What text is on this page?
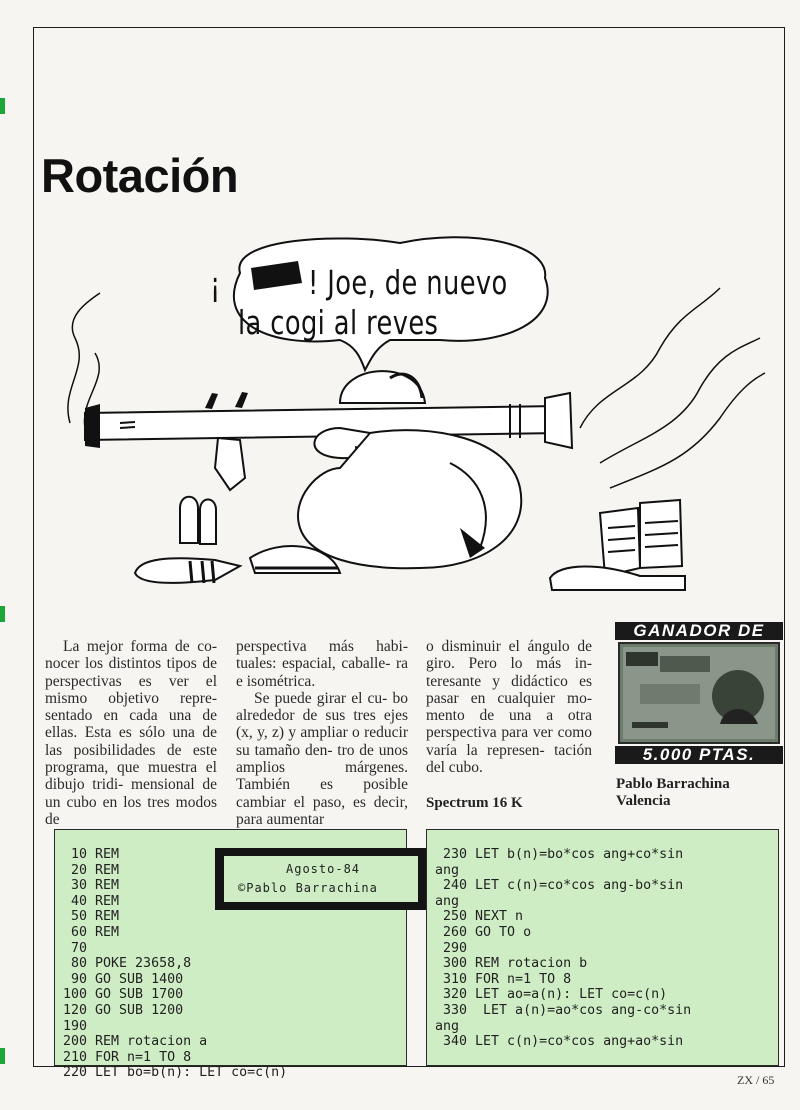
Rotación
¡	! Joe, de nuevo
la cogi al reves

La mejor forma de co- nocer los distintos tipos de perspectivas es ver el mismo objetivo repre- sentado en cada una de ellas. Esta es sólo una de las posibilidades de este programa, que muestra el dibujo tridi- mensional de un cubo en los tres modos de

perspectiva más habi- tuales: espacial, caballe- ra e isométrica.

Se puede girar el cu- bo alrededor de sus tres ejes (x, y, z) y ampliar o reducir su tamaño den- tro de unos amplios	márgenes. También es posible cambiar el paso, es decir, para aumentar

o disminuir el ángulo de giro. Pero lo más in- teresante y didáctico es pasar en cualquier mo- mento de una a otra perspectiva para ver como varía la represen- tación del cubo.

Spectrum 16 K
GANADOR DE
5.000 PTAS.
Pablo Barrachina
Valencia
10 REM
20 REM
30 REM
40 REM
50 REM
60 REM
70
80 POKE 23658,8
90 GO SUB 1400
100 GO SUB 1700
120 GO SUB 1200
190
200 REM rotacion a
210 FOR n=1 TO 8
220 LET bo=b(n): LET co=c(n)
Agosto-84
©Pablo Barrachina
230 LET b(n)=bo*cos ang+co*sin
ang
240 LET c(n)=co*cos ang-bo*sin
ang
250 NEXT n
260 GO TO o
290
300 REM rotacion b
310 FOR n=1 TO 8
320 LET ao=a(n): LET co=c(n)
330  LET a(n)=ao*cos ang-co*sin
ang
340 LET c(n)=co*cos ang+ao*sin
ZX / 65
